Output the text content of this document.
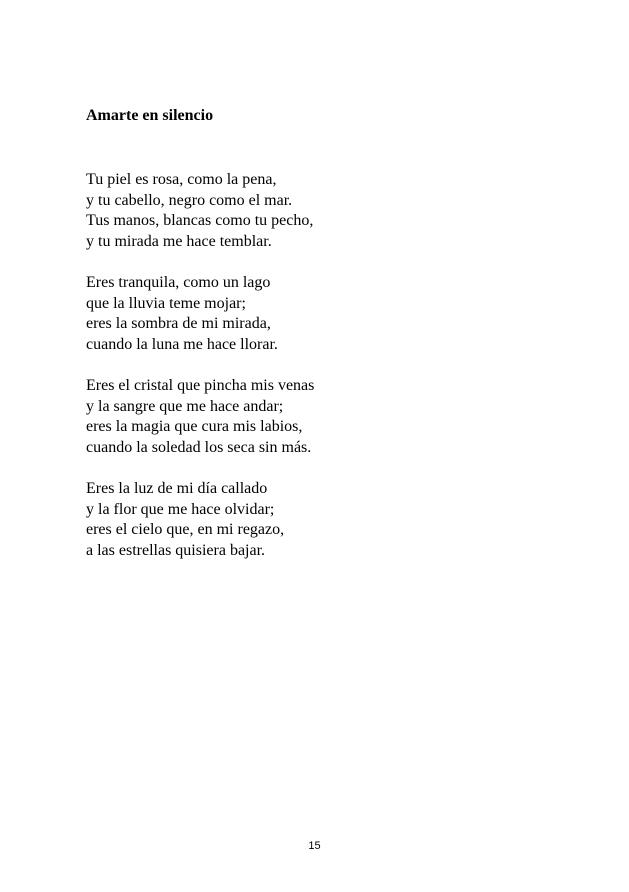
Amarte en silencio
Tu piel es rosa, como la pena,
y tu cabello, negro como el mar.
Tus manos, blancas como tu pecho,
y tu mirada me hace temblar.
Eres tranquila, como un lago
que la lluvia teme mojar;
eres la sombra de mi mirada,
cuando la luna me hace llorar.
Eres el cristal que pincha mis venas
y la sangre que me hace andar;
eres la magia que cura mis labios,
cuando la soledad los seca sin más.
Eres la luz de mi día callado
y la flor que me hace olvidar;
eres el cielo que, en mi regazo,
a las estrellas quisiera bajar.
15
